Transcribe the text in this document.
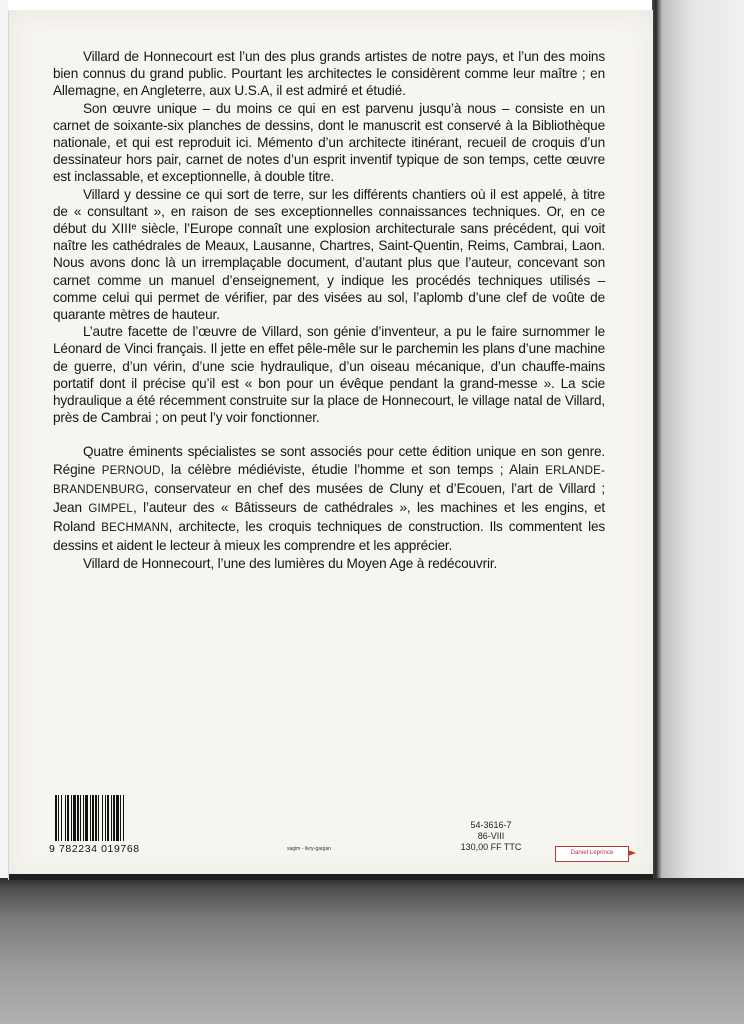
Villard de Honnecourt est l’un des plus grands artistes de notre pays, et l’un des moins bien connus du grand public. Pourtant les architectes le considèrent comme leur maître ; en Allemagne, en Angleterre, aux U.S.A, il est admiré et étudié.

Son œuvre unique – du moins ce qui en est parvenu jusqu’à nous – consiste en un carnet de soixante-six planches de dessins, dont le manuscrit est conservé à la Bibliothèque nationale, et qui est reproduit ici. Mémento d’un architecte itinérant, recueil de croquis d’un dessinateur hors pair, carnet de notes d’un esprit inventif typique de son temps, cette œuvre est inclassable, et exceptionnelle, à double titre.

Villard y dessine ce qui sort de terre, sur les différents chantiers où il est appelé, à titre de « consultant », en raison de ses exceptionnelles connaissances techniques. Or, en ce début du XIIIᵉ siècle, l’Europe connaît une explosion architecturale sans précédent, qui voit naître les cathédrales de Meaux, Lausanne, Chartres, Saint-Quentin, Reims, Cambrai, Laon. Nous avons donc là un irremplaçable document, d’autant plus que l’auteur, concevant son carnet comme un manuel d’enseignement, y indique les procédés techniques utilisés – comme celui qui permet de vérifier, par des visées au sol, l’aplomb d’une clef de voûte de quarante mètres de hauteur.

L’autre facette de l’œuvre de Villard, son génie d’inventeur, a pu le faire surnommer le Léonard de Vinci français. Il jette en effet pêle-mêle sur le parchemin les plans d’une machine de guerre, d’un vérin, d’une scie hydraulique, d’un oiseau mécanique, d’un chauffe-mains portatif dont il précise qu’il est « bon pour un évêque pendant la grand-messe ». La scie hydraulique a été récemment construite sur la place de Honnecourt, le village natal de Villard, près de Cambrai ; on peut l’y voir fonctionner.

Quatre éminents spécialistes se sont associés pour cette édition unique en son genre. Régine PERNOUD, la célèbre médiéviste, étudie l’homme et son temps ; Alain ERLANDE-BRANDENBURG, conservateur en chef des musées de Cluny et d’Ecouen, l’art de Villard ; Jean GIMPEL, l’auteur des « Bâtisseurs de cathédrales », les machines et les engins, et Roland BECHMANN, architecte, les croquis techniques de construction. Ils commentent les dessins et aident le lecteur à mieux les comprendre et les apprécier.

Villard de Honnecourt, l’une des lumières du Moyen Age à redécouvrir.

9 782234 019768	sagim - livry-gargan
54-3616-7
86-VIII
130,00 FF TTC
Daniel Leprince
